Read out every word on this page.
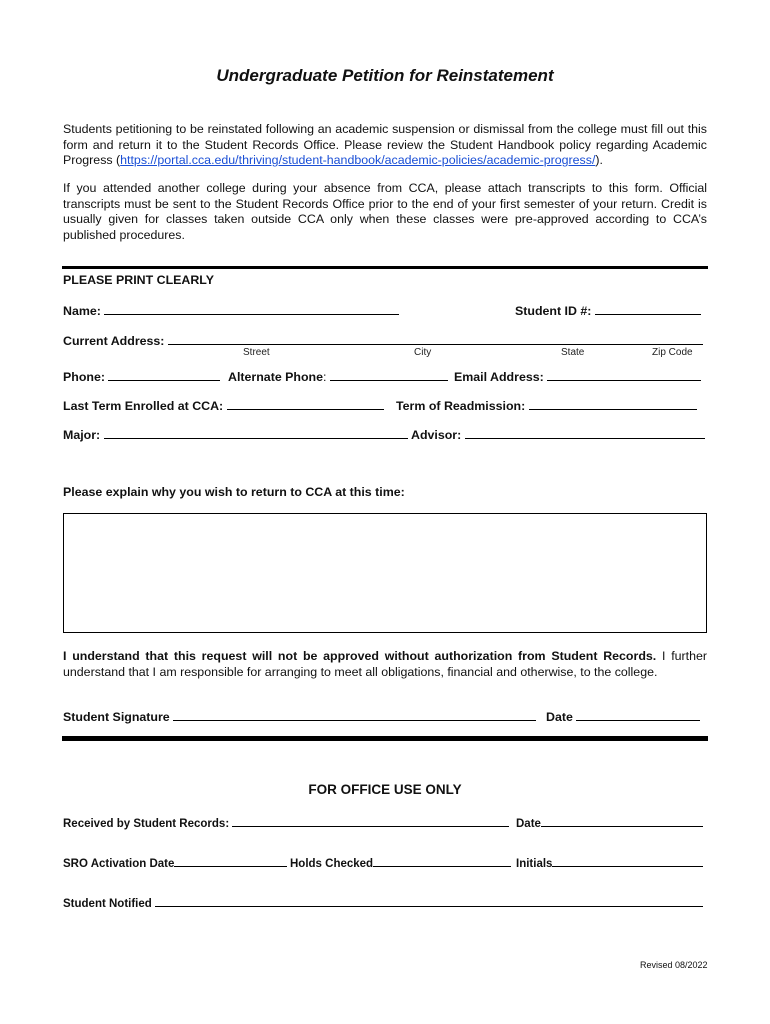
Undergraduate Petition for Reinstatement
Students petitioning to be reinstated following an academic suspension or dismissal from the college must fill out this form and return it to the Student Records Office. Please review the Student Handbook policy regarding Academic Progress (https://portal.cca.edu/thriving/student-handbook/academic-policies/academic-progress/).
If you attended another college during your absence from CCA, please attach transcripts to this form. Official transcripts must be sent to the Student Records Office prior to the end of your first semester of your return. Credit is usually given for classes taken outside CCA only when these classes were pre-approved according to CCA’s published procedures.
PLEASE PRINT CLEARLY
Name:	Student ID #:
Current Address:
Street	City	State	Zip Code
Phone:	Alternate Phone:	Email Address:
Last Term Enrolled at CCA:	Term of Readmission:
Major:	Advisor:
Please explain why you wish to return to CCA at this time:
I understand that this request will not be approved without authorization from Student Records. I further understand that I am responsible for arranging to meet all obligations, financial and otherwise, to the college.
Student Signature	Date
FOR OFFICE USE ONLY
Received by Student Records:	Date
SRO Activation Date	Holds Checked	Initials
Student Notified
Revised 08/2022
